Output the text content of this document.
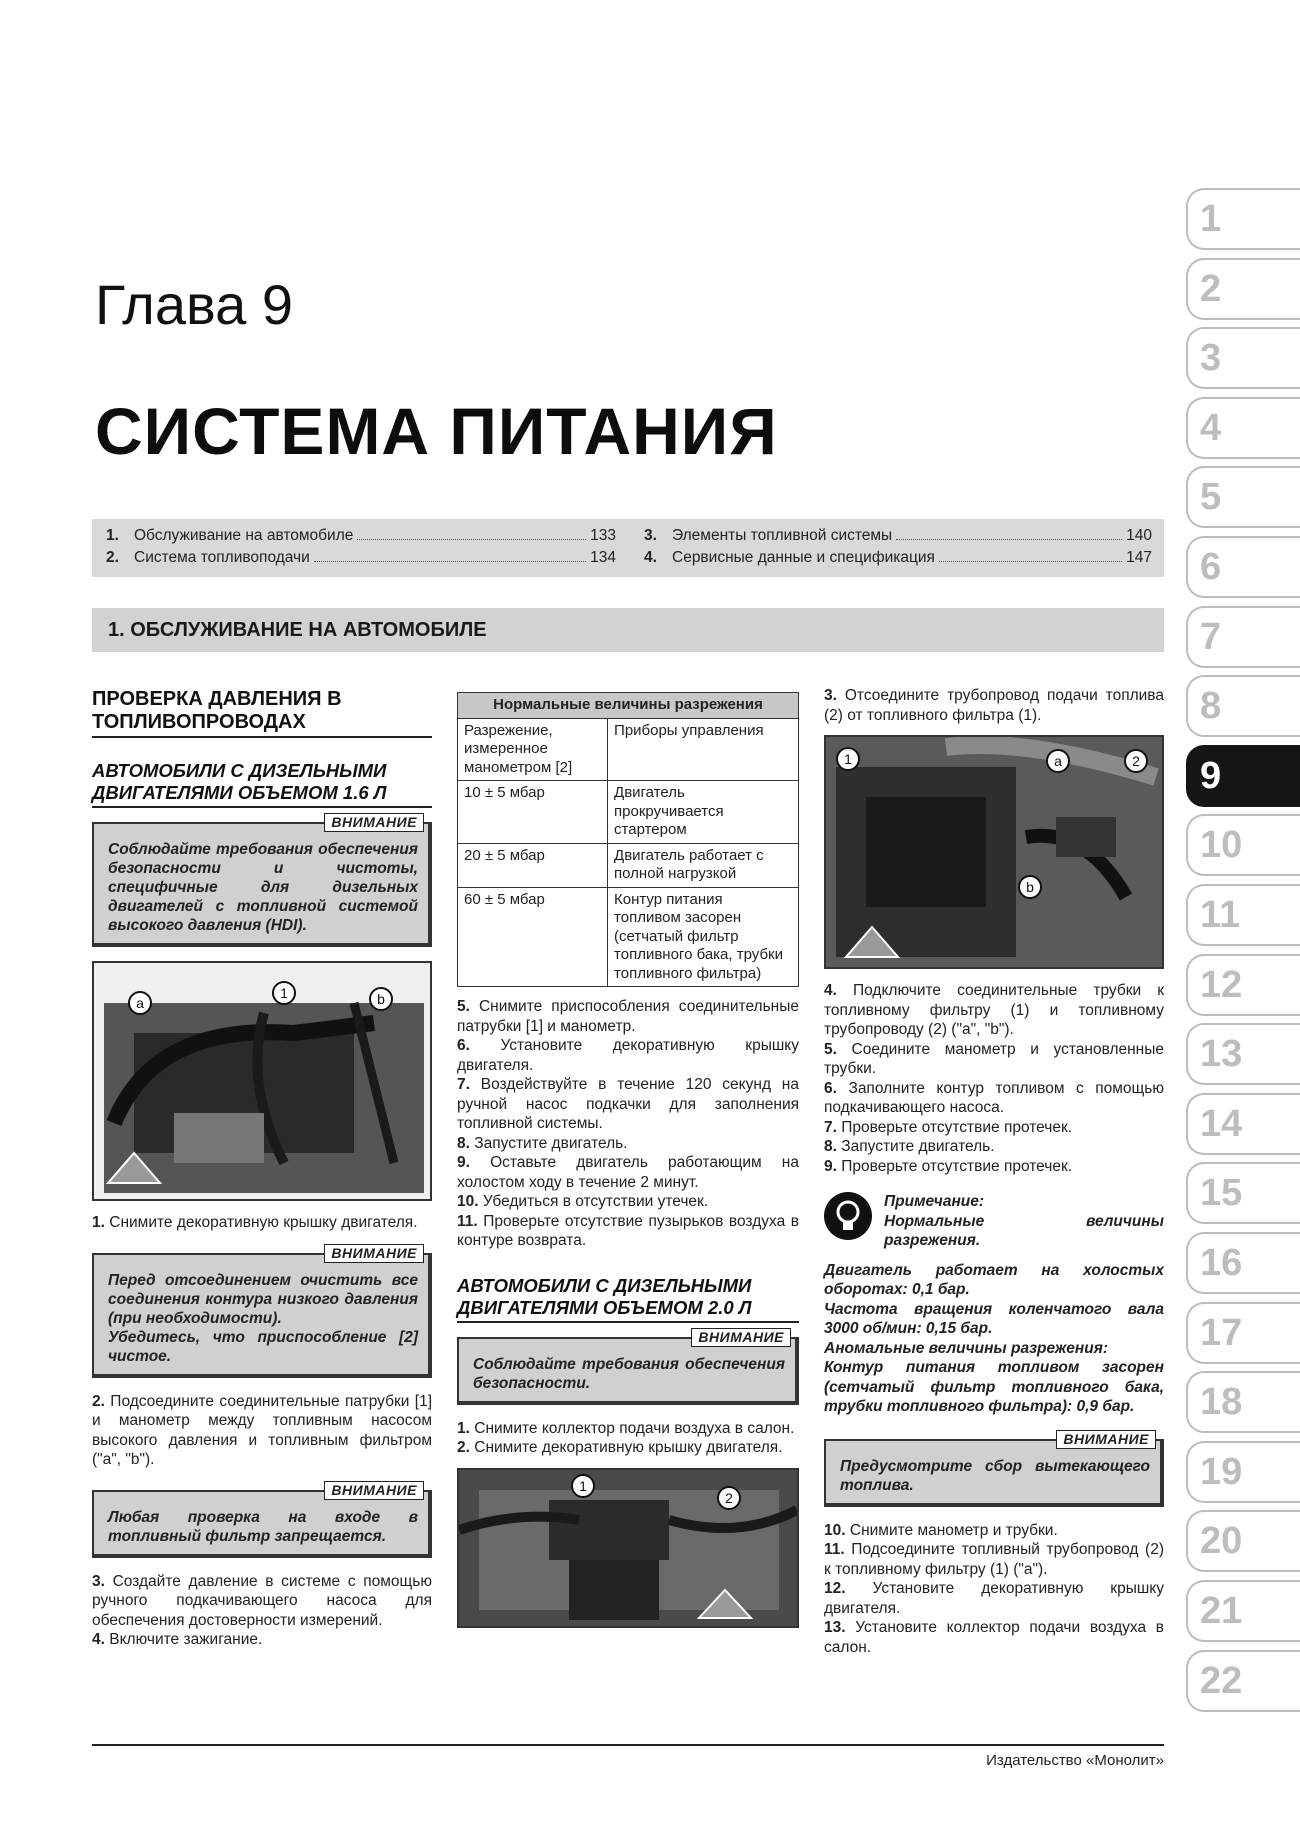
Глава 9
СИСТЕМА ПИТАНИЯ
1. Обслуживание на автомобиле	133
2. Система топливоподачи	134
3. Элементы топливной системы	140
4. Сервисные данные и спецификация	147
1. ОБСЛУЖИВАНИЕ НА АВТОМОБИЛЕ
ПРОВЕРКА ДАВЛЕНИЯ В ТОПЛИВОПРОВОДАХ
АВТОМОБИЛИ С ДИЗЕЛЬНЫМИ ДВИГАТЕЛЯМИ ОБЪЕМОМ 1.6 Л
ВНИМАНИЕ
Соблюдайте требования обеспечения безопасности и чистоты, специфичные для дизельных двигателей с топливной системой высокого давления (HDI).
a
1	b

1. Снимите декоративную крышку двигателя.

ВНИМАНИЕ
Перед отсоединением очистить все соединения контура низкого давления (при необходимости).
Убедитесь, что приспособление [2] чистое.

2. Подсоедините соединительные патрубки [1] и манометр между топливным насосом высокого давления и топливным фильтром ("a", "b").

ВНИМАНИЕ
Любая проверка на входе в топливный фильтр запрещается.

3. Создайте давление в системе с помощью ручного подкачивающего насоса для обеспечения достоверности измерений.

4. Включите зажигание.

Нормальные величины разрежения	
Разрежение, измеренное манометром [2]	Приборы управления
10 ± 5 мбар	Двигатель прокручивается стартером
20 ± 5 мбар	Двигатель работает с полной нагрузкой
60 ± 5 мбар	Контур питания топливом засорен (сетчатый фильтр топливного бака, трубки топливного фильтра)

5. Снимите приспособления соединительные патрубки [1] и манометр.

6. Установите декоративную крышку двигателя.

7. Воздействуйте в течение 120 секунд на ручной насос подкачки для заполнения топливной системы.

8. Запустите двигатель.

9. Оставьте двигатель работающим на холостом ходу в течение 2 минут.

10. Убедиться в отсутствии утечек.

11. Проверьте отсутствие пузырьков воздуха в контуре возврата.

АВТОМОБИЛИ С ДИЗЕЛЬНЫМИ ДВИГАТЕЛЯМИ ОБЪЕМОМ 2.0 Л
ВНИМАНИЕ
Соблюдайте требования обеспечения безопасности.

1. Снимите коллектор подачи воздуха в салон.

2. Снимите декоративную крышку двигателя.

1
2

3. Отсоедините трубопровод подачи топлива (2) от топливного фильтра (1).

1	a	2
b

4. Подключите соединительные трубки к топливному фильтру (1) и топливному трубопроводу (2) ("a", "b").

5. Соедините манометр и установленные трубки.

6. Заполните контур топливом с помощью подкачивающего насоса.

7. Проверьте отсутствие протечек.

8. Запустите двигатель.

9. Проверьте отсутствие протечек.

Примечание:
Нормальные величины разрежения.
Двигатель работает на холостых оборотах: 0,1 бар.
Частота вращения коленчатого вала 3000 об/мин: 0,15 бар.
Аномальные величины разрежения:
Контур питания топливом засорен (сетчатый фильтр топливного бака, трубки топливного фильтра): 0,9 бар.
ВНИМАНИЕ
Предусмотрите сбор вытекающего топлива.

10. Снимите манометр и трубки.

11. Подсоедините топливный трубопровод (2) к топливному фильтру (1) ("a").

12. Установите декоративную крышку двигателя.

13. Установите коллектор подачи воздуха в салон.

1
2
3
4
5
6
7
8
9
10
11
12
13
14
15
16
17
18
19
20
21
22
Издательство «Монолит»
